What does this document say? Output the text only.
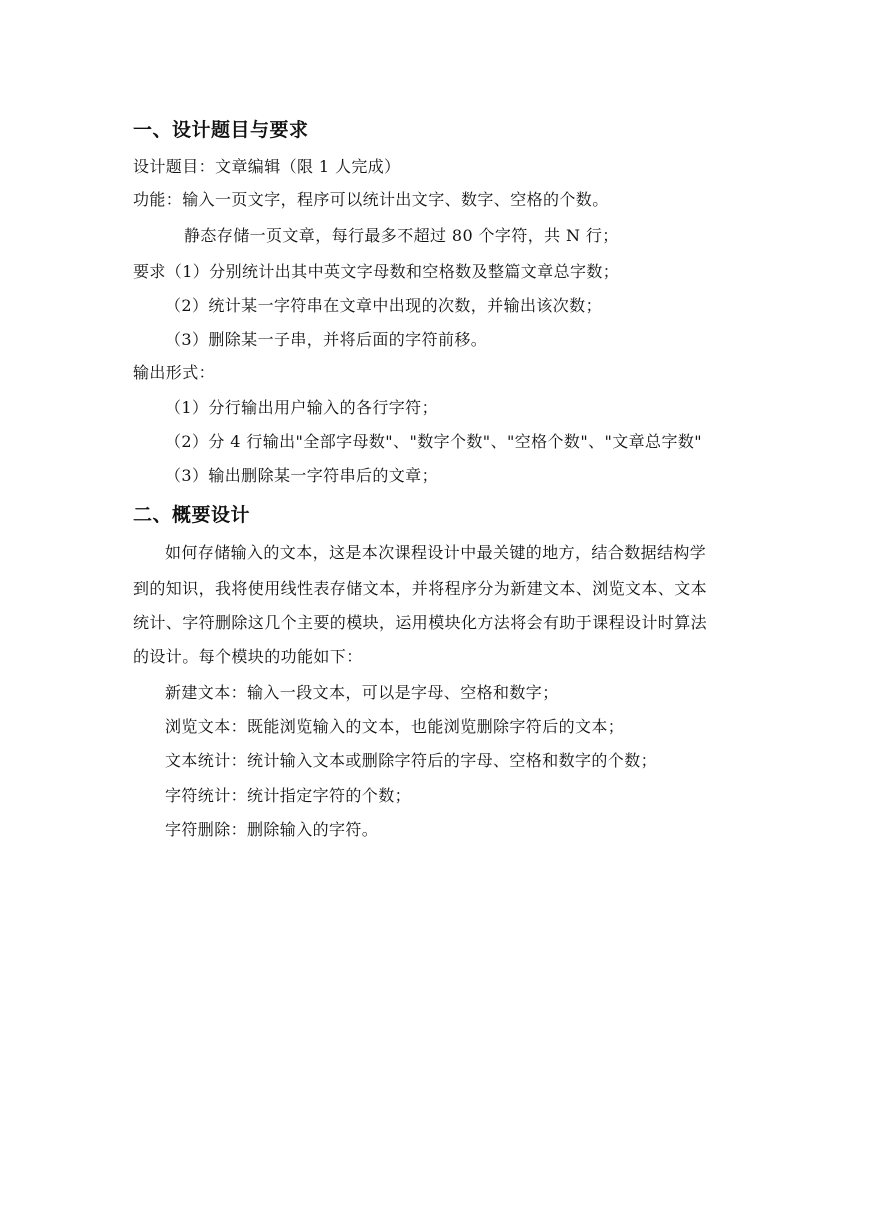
一、设计题目与要求
设计题目：文章编辑（限 1 人完成）
功能：输入一页文字，程序可以统计出文字、数字、空格的个数。
静态存储一页文章，每行最多不超过 80 个字符，共 N 行；
要求（1）分别统计出其中英文字母数和空格数及整篇文章总字数；
（2）统计某一字符串在文章中出现的次数，并输出该次数；
（3）删除某一子串，并将后面的字符前移。
输出形式：
（1）分行输出用户输入的各行字符；
（2）分 4 行输出"全部字母数"、"数字个数"、"空格个数"、"文章总字数"
（3）输出删除某一字符串后的文章；
二、概要设计
如何存储输入的文本，这是本次课程设计中最关键的地方，结合数据结构学
到的知识，我将使用线性表存储文本，并将程序分为新建文本、浏览文本、文本
统计、字符删除这几个主要的模块，运用模块化方法将会有助于课程设计时算法
的设计。每个模块的功能如下：
新建文本：输入一段文本，可以是字母、空格和数字；
浏览文本：既能浏览输入的文本，也能浏览删除字符后的文本；
文本统计：统计输入文本或删除字符后的字母、空格和数字的个数；
字符统计：统计指定字符的个数；
字符删除：删除输入的字符。
